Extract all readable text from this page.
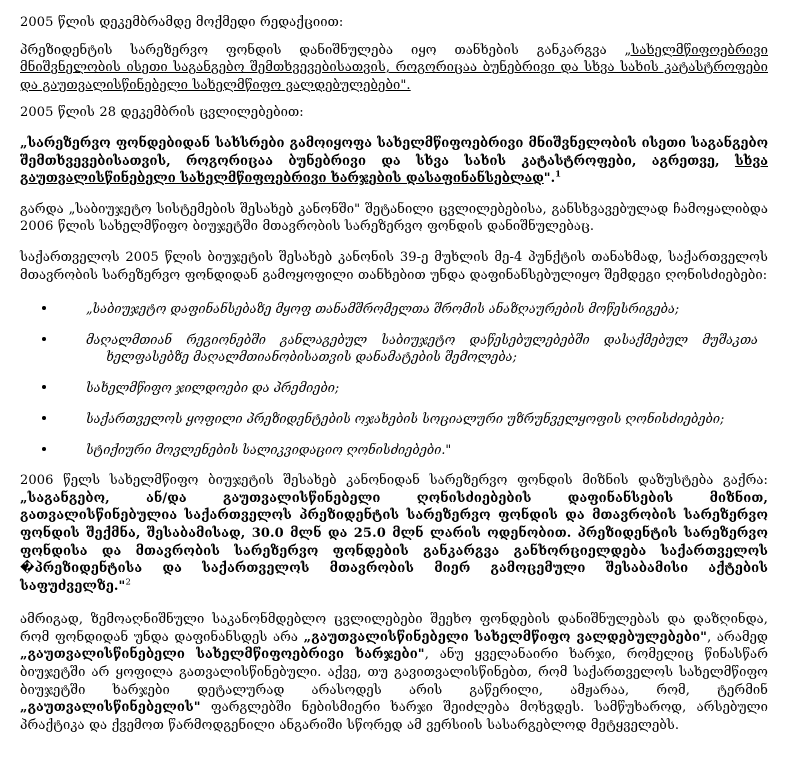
2005 წლის დეკემბრამდე მოქმედი რედაქციით:

პრეზიდენტის სარეზერვო ფონდის დანიშნულება იყო თანხების განკარგვა „სახელმწიფოებრივი მნიშვნელობის ისეთი საგანგებო შემთხვევებისათვის, როგორიცაა ბუნებრივი და სხვა სახის კატასტროფები და გაუთვალისწინებელი სახელმწიფო ვალდებულებები".

2005 წლის 28 დეკემბრის ცვლილებებით:

„სარეზერვო ფონდებიდან სახსრები გამოიყოფა სახელმწიფოებრივი მნიშვნელობის ისეთი საგანგებო შემთხვევებისათვის, როგორიცაა ბუნებრივი და სხვა სახის კატასტროფები, აგრეთვე, სხვა გაუთვალისწინებელი სახელმწიფოებრივი ხარჯების დასაფინანსებლად".$^1$

გარდა „საბიუჯეტო სისტემების შესახებ კანონში" შეტანილი ცვლილებებისა, განსხვავებულად ჩამოყალიბდა 2006 წლის სახელმწიფო ბიუჯეტში მთავრობის სარეზერვო ფონდის დანიშნულებაც.

საქართველოს 2005 წლის ბიუჯეტის შესახებ კანონის 39-ე მუხლის მე-4 პუნქტის თანახმად, საქართველოს მთავრობის სარეზერვო ფონდიდან გამოყოფილი თანხებით უნდა დაფინანსებულიყო შემდეგი ღონისძიებები:

„საბიუჯეტო დაფინანსებაზე მყოფ თანამშრომელთა შრომის ანაზღაურების მოწესრიგება;
მაღალმთიან რეგიონებში განლაგებულ საბიუჯეტო დაწესებულებებში დასაქმებულ მუშაკთა ხელფასებზე მაღალმთიანობისათვის დანამატების შემოლება;
სახელმწიფო ჯილდოები და პრემიები;
საქართველოს ყოფილი პრეზიდენტების ოჯახების სოციალური უზრუნველყოფის ღონისძიებები;
სტიქიური მოვლენების სალიკვიდაციო ღონისძიებები."

2006 წელს სახელმწიფო ბიუჯეტის შესახებ კანონიდან სარეზერვო ფონდის მიზნის დაზუსტება გაქრა: „საგანგებო, ან/და გაუთვალისწინებელი ღონისძიებების დაფინანსების მიზნით, გათვალისწინებულია საქართველოს პრეზიდენტის სარეზერვო ფონდის და მთავრობის სარეზერვო ფონდის შექმნა, შესაბამისად, 30.0 მლნ და 25.0 მლნ ლარის ოდენობით. პრეზიდენტის სარეზერვო ფონდისა და მთავრობის სარეზერვო ფონდების განკარგვა განხორციელდება საქართველოს �პრეზიდენტისა და საქართველოს მთავრობის მიერ გამოცემული შესაბამისი აქტების საფუძველზე."$^2$

ამრიგად, ზემოაღნიშნული საკანონმდებლო ცვლილებები შეეხო ფონდების დანიშნულებას და დაზღინდა, რომ ფონდიდან უნდა დაფინანსდეს არა „გაუთვალისწინებელი სახელმწიფო ვალდებულებები", არამედ „გაუთვალისწინებელი სახელმწიფოებრივი ხარჯები", ანუ ყველანაირი ხარჯი, რომელიც წინასწარ ბიუჯეტში არ ყოფილა გათვალისწინებული. აქვე, თუ გავითვალისწინებთ, რომ საქართველოს სახელმწიფო ბიუჯეტში ხარჯები დეტალურად არასოდეს არის გაწერილი, ამჟარაა, რომ, ტერმინ „გაუთვალისწინებელის" ფარგლებში ნებისმიერი ხარჯი შეიძლება მოხვდეს. სამწუხაროდ, არსებული პრაქტიკა და ქვემოთ წარმოდგენილი ანგარიში სწორედ ამ ვერსიის სასარგებლოდ მეტყველებს.
